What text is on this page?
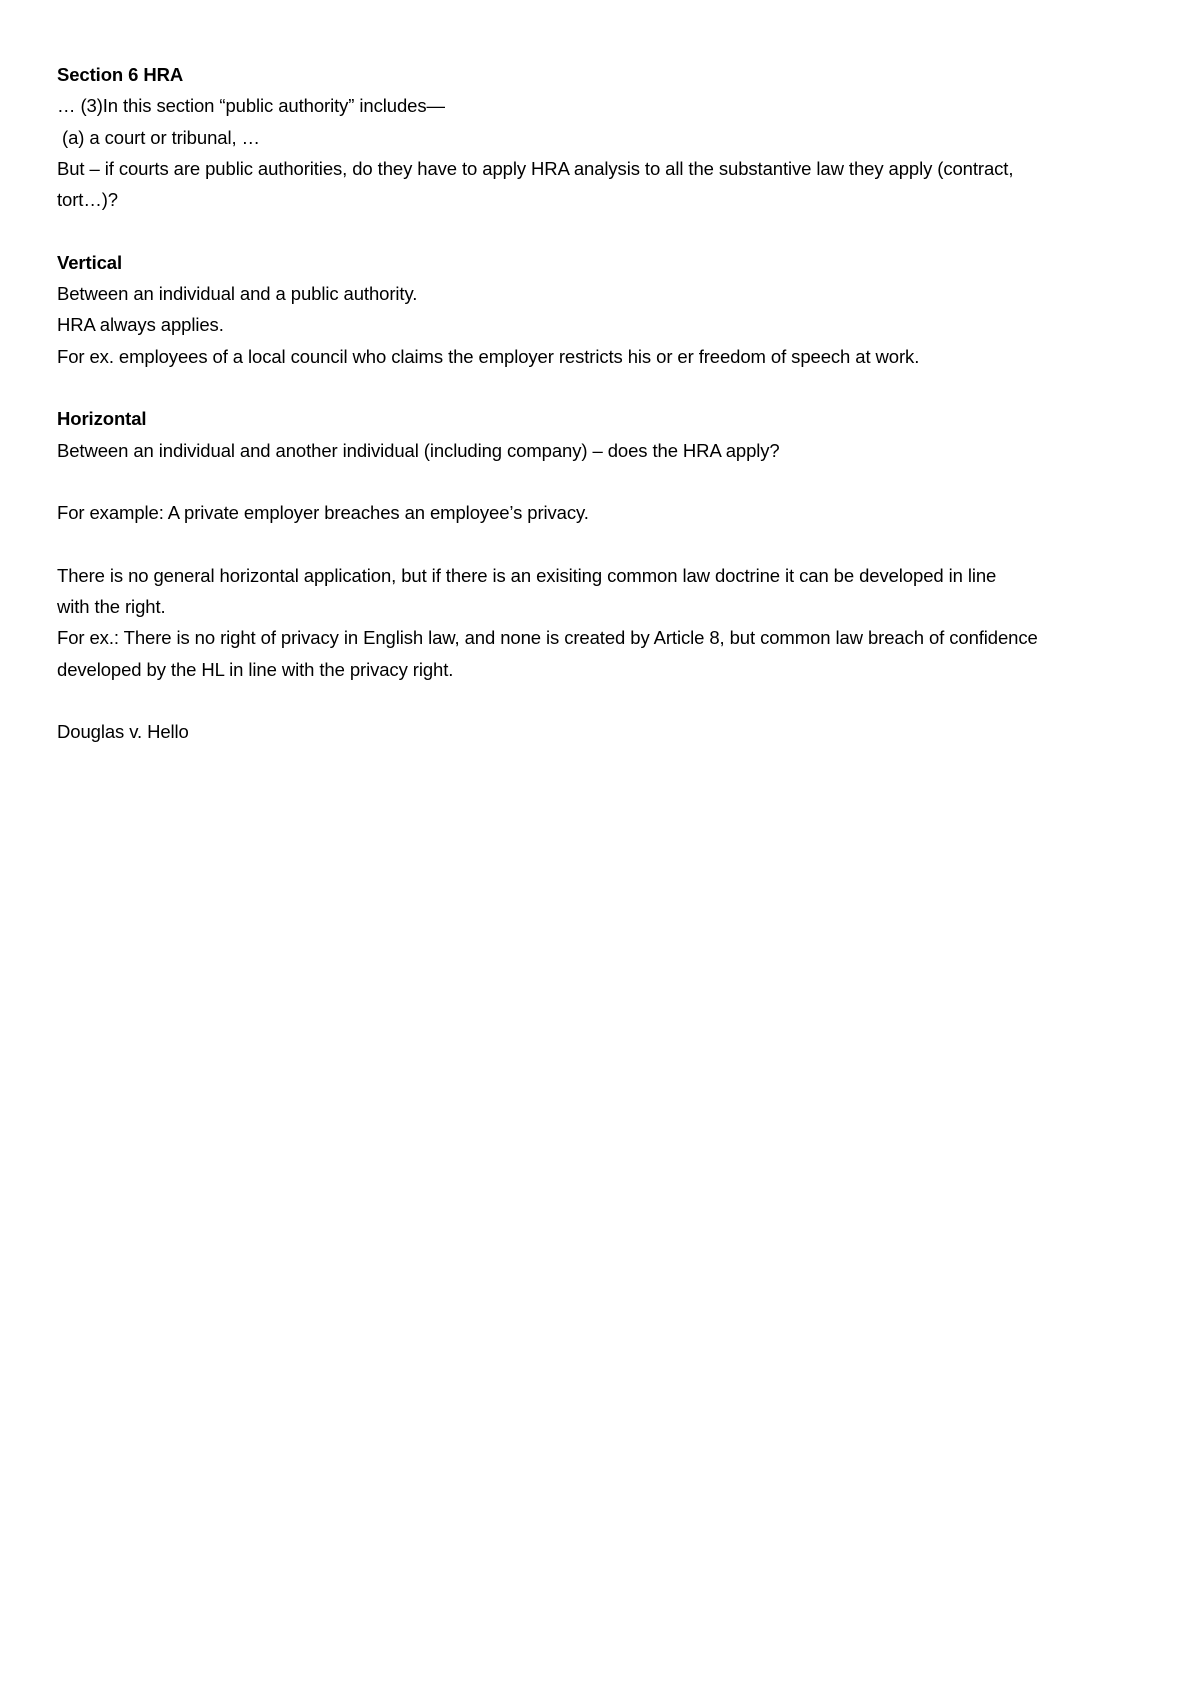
Section 6 HRA
… (3)In this section “public authority” includes—
(a) a court or tribunal, …
But – if courts are public authorities, do they have to apply HRA analysis to all the substantive law they apply (contract,
tort…)?
Vertical
Between an individual and a public authority.
HRA always applies.
For ex. employees of a local council who claims the employer restricts his or er freedom of speech at work.
Horizontal
Between an individual and another individual (including company) – does the HRA apply?
For example: A private employer breaches an employee’s privacy.
There is no general horizontal application, but if there is an exisiting common law doctrine it can be developed in line
with the right.
For ex.: There is no right of privacy in English law, and none is created by Article 8, but common law breach of confidence
developed by the HL in line with the privacy right.
Douglas v. Hello
